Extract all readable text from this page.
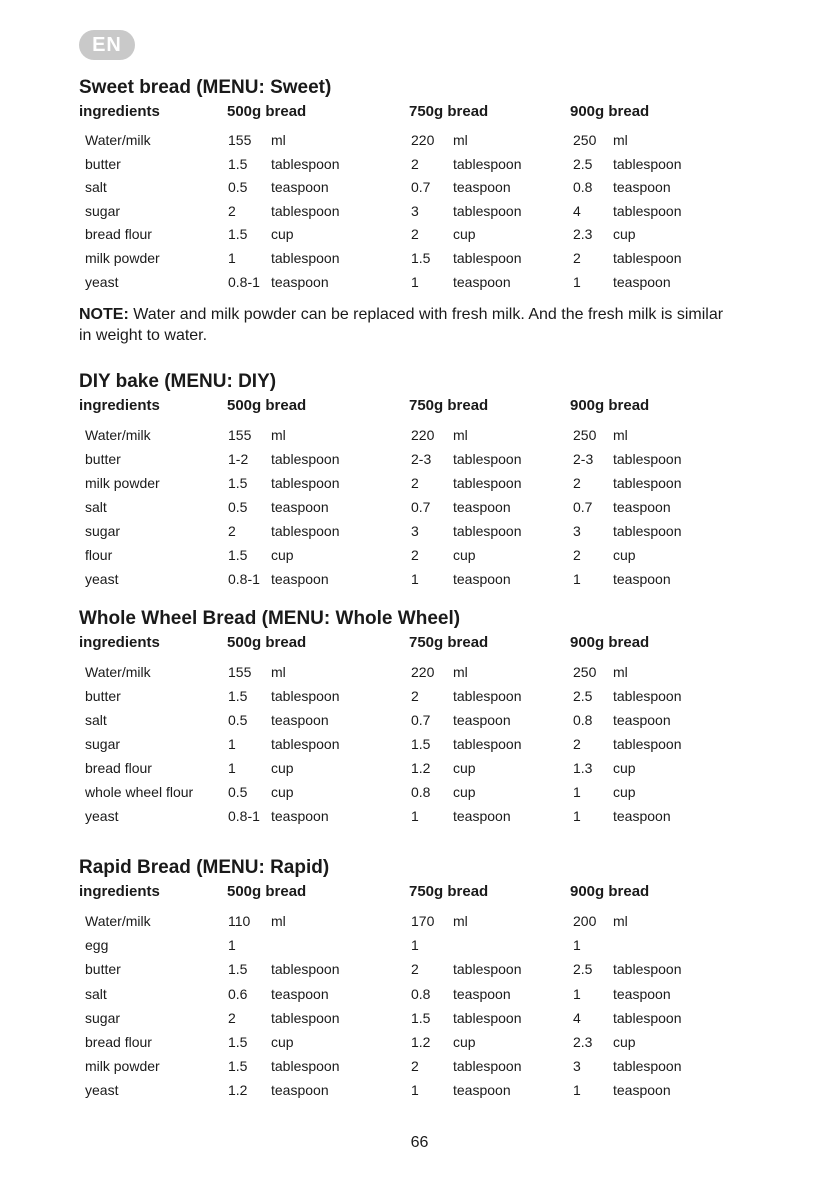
EN
Sweet bread (MENU: Sweet)
ingredients	500g bread	750g bread	900g bread
Water/milk	155 ml	220 ml	250 ml
butter	1.5 tablespoon	2 tablespoon	2.5 tablespoon
salt	0.5 teaspoon	0.7 teaspoon	0.8 teaspoon
sugar	2	tablespoon	3 tablespoon	4 tablespoon
bread flour	1.5 cup	2 cup	2.3 cup
milk powder	1	tablespoon	1.5 tablespoon	2 tablespoon
yeast	0.8-1 teaspoon	1 teaspoon	1 teaspoon
NOTE: Water and milk powder can be replaced with fresh milk. And the fresh milk is similar in weight to water.
DIY bake (MENU: DIY)
ingredients	500g bread	750g bread	900g bread
Water/milk	155 ml	220 ml	250 ml
butter	1-2 tablespoon	2-3 tablespoon	2-3 tablespoon
milk powder	1.5 tablespoon	2 tablespoon	2 tablespoon
salt	0.5 teaspoon	0.7 teaspoon	0.7 teaspoon
sugar	2	tablespoon	3 tablespoon	3 tablespoon
flour	1.5 cup	2 cup	2 cup
yeast	0.8-1 teaspoon	1 teaspoon	1 teaspoon
Whole Wheel Bread (MENU: Whole Wheel)
ingredients	500g bread	750g bread	900g bread
Water/milk	155 ml	220 ml	250 ml
butter	1.5 tablespoon	2 tablespoon	2.5 tablespoon
salt	0.5 teaspoon	0.7 teaspoon	0.8 teaspoon
sugar	1	tablespoon	1.5 tablespoon	2 tablespoon
bread flour	1	cup	1.2 cup	1.3 cup
whole wheel flour 0.5 cup	0.8 cup	1 cup
yeast	0.8-1 teaspoon	1 teaspoon	1 teaspoon
Rapid Bread (MENU: Rapid)
ingredients	500g bread	750g bread	900g bread
Water/milk	110 ml	170 ml	200 ml
egg	1	1	1
butter	1.5 tablespoon	2 tablespoon	2.5 tablespoon
salt	0.6 teaspoon	0.8 teaspoon	1 teaspoon
sugar	2	tablespoon	1.5 tablespoon	4 tablespoon
bread flour	1.5 cup	1.2 cup	2.3 cup
milk powder	1.5 tablespoon	2 tablespoon	3 tablespoon
yeast	1.2 teaspoon	1 teaspoon	1 teaspoon
66
